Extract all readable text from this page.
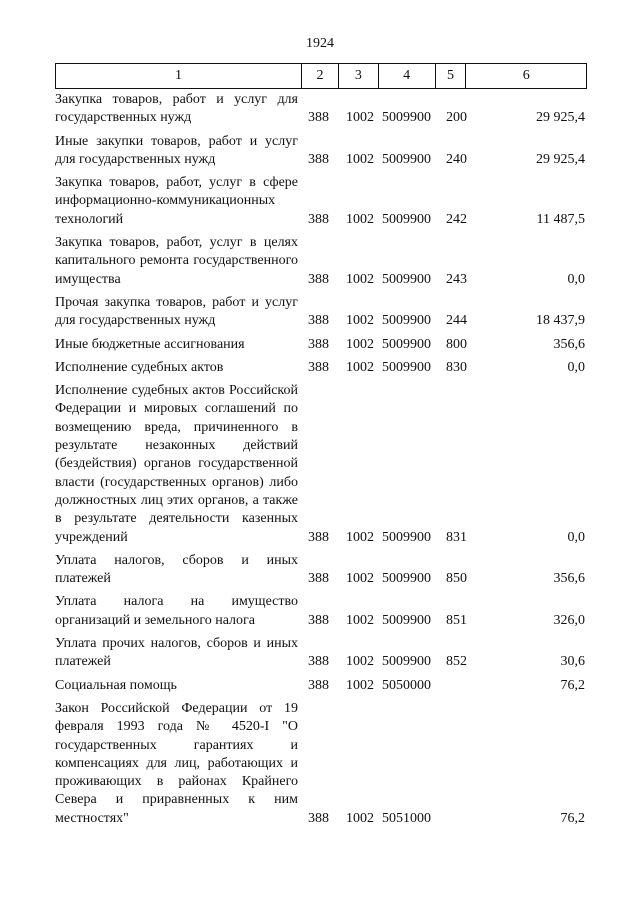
1924
1	2	3	4	5	6
Закупка товаров, работ и услуг для государственных нужд	388 1002 5009900 200	29 925,4
Иные закупки товаров, работ и услуг для государственных нужд	388 1002 5009900 240	29 925,4
Закупка товаров, работ, услуг в сфере информационно-коммуникационных технологий	388 1002 5009900 242	11 487,5
Закупка товаров, работ, услуг в целях капитального ремонта государственного имущества	388 1002 5009900 243	0,0
Прочая закупка товаров, работ и услуг для государственных нужд	388 1002 5009900 244	18 437,9
Иные бюджетные ассигнования	388 1002 5009900 800	356,6
Исполнение судебных актов	388 1002 5009900 830	0,0
Исполнение судебных актов Российской Федерации и мировых соглашений по возмещению вреда, причиненного в результате незаконных действий (бездействия) органов государственной власти (государственных органов) либо должностных лиц этих органов, а также в результате деятельности казенных учреждений	388 1002 5009900 831	0,0
Уплата налогов, сборов и иных платежей	388 1002 5009900 850	356,6
Уплата налога на имущество организаций и земельного налога	388 1002 5009900 851	326,0
Уплата прочих налогов, сборов и иных платежей	388 1002 5009900 852	30,6
Социальная помощь	388 1002 5050000	76,2
Закон Российской Федерации от 19 февраля 1993 года № 4520-I "О государственных гарантиях и компенсациях для лиц, работающих и проживающих в районах Крайнего Севера и приравненных к ним местностях"	388 1002 5051000	76,2
